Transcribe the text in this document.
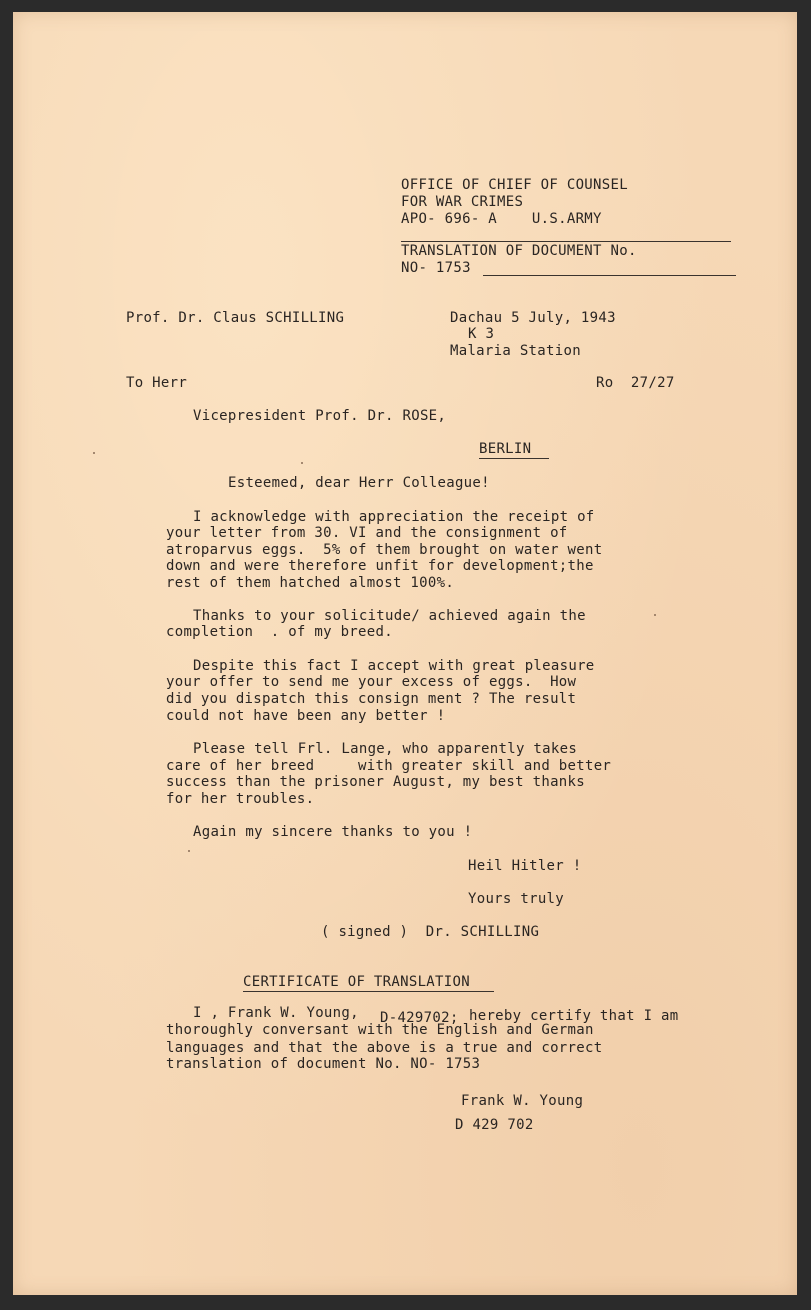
OFFICE OF CHIEF OF COUNSEL
FOR WAR CRIMES
APO- 696- A    U.S.ARMY
TRANSLATION OF DOCUMENT No.
NO- 1753
Prof. Dr. Claus SCHILLING	Dachau 5 July, 1943
K 3
Malaria Station
To Herr	Ro  27/27
Vicepresident Prof. Dr. ROSE,
BERLIN
Esteemed, dear Herr Colleague!
I acknowledge with appreciation the receipt of
your letter from 30. VI and the consignment of
atroparvus eggs.  5% of them brought on water went
down and were therefore unfit for development;the
rest of them hatched almost 100%.
Thanks to your solicitude/ achieved again the
completion  . of my breed.
Despite this fact I accept with great pleasure
your offer to send me your excess of eggs.  How
did you dispatch this consign ment ? The result
could not have been any better !
Please tell Frl. Lange, who apparently takes
care of her breed     with greater skill and better
success than the prisoner August, my best thanks
for her troubles.
Again my sincere thanks to you !
Heil Hitler !
Yours truly
( signed )  Dr. SCHILLING
CERTIFICATE OF TRANSLATION
I , Frank W. Young, D-429702; hereby certify that I am
thoroughly conversant with the English and German
languages and that the above is a true and correct
translation of document No. NO- 1753
Frank W. Young
D 429 702
